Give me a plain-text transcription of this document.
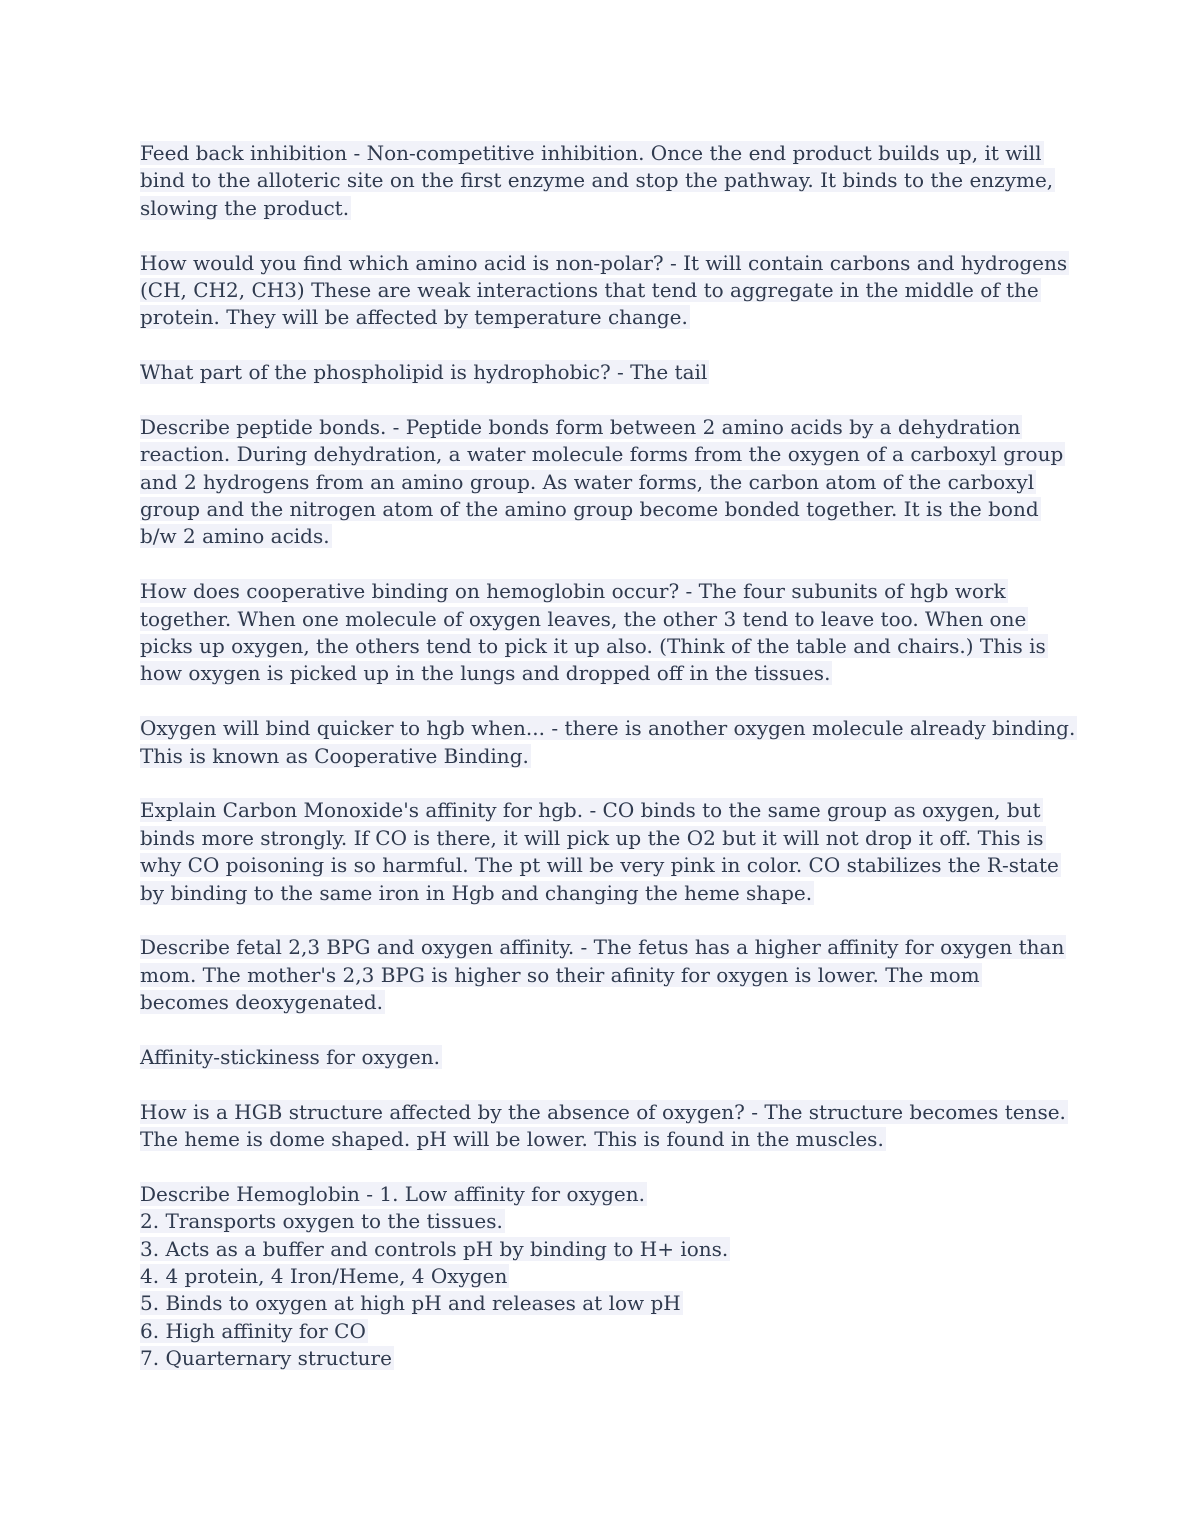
Feed back inhibition - Non-competitive inhibition. Once the end product builds up, it will
bind to the alloteric site on the first enzyme and stop the pathway. It binds to the enzyme,
slowing the product.
How would you find which amino acid is non-polar? - It will contain carbons and hydrogens
(CH, CH2, CH3) These are weak interactions that tend to aggregate in the middle of the
protein. They will be affected by temperature change.
What part of the phospholipid is hydrophobic? - The tail
Describe peptide bonds. - Peptide bonds form between 2 amino acids by a dehydration
reaction. During dehydration, a water molecule forms from the oxygen of a carboxyl group
and 2 hydrogens from an amino group. As water forms, the carbon atom of the carboxyl
group and the nitrogen atom of the amino group become bonded together. It is the bond
b/w 2 amino acids.
How does cooperative binding on hemoglobin occur? - The four subunits of hgb work
together. When one molecule of oxygen leaves, the other 3 tend to leave too. When one
picks up oxygen, the others tend to pick it up also. (Think of the table and chairs.) This is
how oxygen is picked up in the lungs and dropped off in the tissues.
Oxygen will bind quicker to hgb when... - there is another oxygen molecule already binding.
This is known as Cooperative Binding.
Explain Carbon Monoxide's affinity for hgb. - CO binds to the same group as oxygen, but
binds more strongly. If CO is there, it will pick up the O2 but it will not drop it off. This is
why CO poisoning is so harmful. The pt will be very pink in color. CO stabilizes the R-state
by binding to the same iron in Hgb and changing the heme shape.
Describe fetal 2,3 BPG and oxygen affinity. - The fetus has a higher affinity for oxygen than
mom. The mother's 2,3 BPG is higher so their afinity for oxygen is lower. The mom
becomes deoxygenated.
Affinity-stickiness for oxygen.
How is a HGB structure affected by the absence of oxygen? - The structure becomes tense.
The heme is dome shaped. pH will be lower. This is found in the muscles.
Describe Hemoglobin - 1. Low affinity for oxygen.
2. Transports oxygen to the tissues.
3. Acts as a buffer and controls pH by binding to H+ ions.
4. 4 protein, 4 Iron/Heme, 4 Oxygen
5. Binds to oxygen at high pH and releases at low pH
6. High affinity for CO
7. Quarternary structure
